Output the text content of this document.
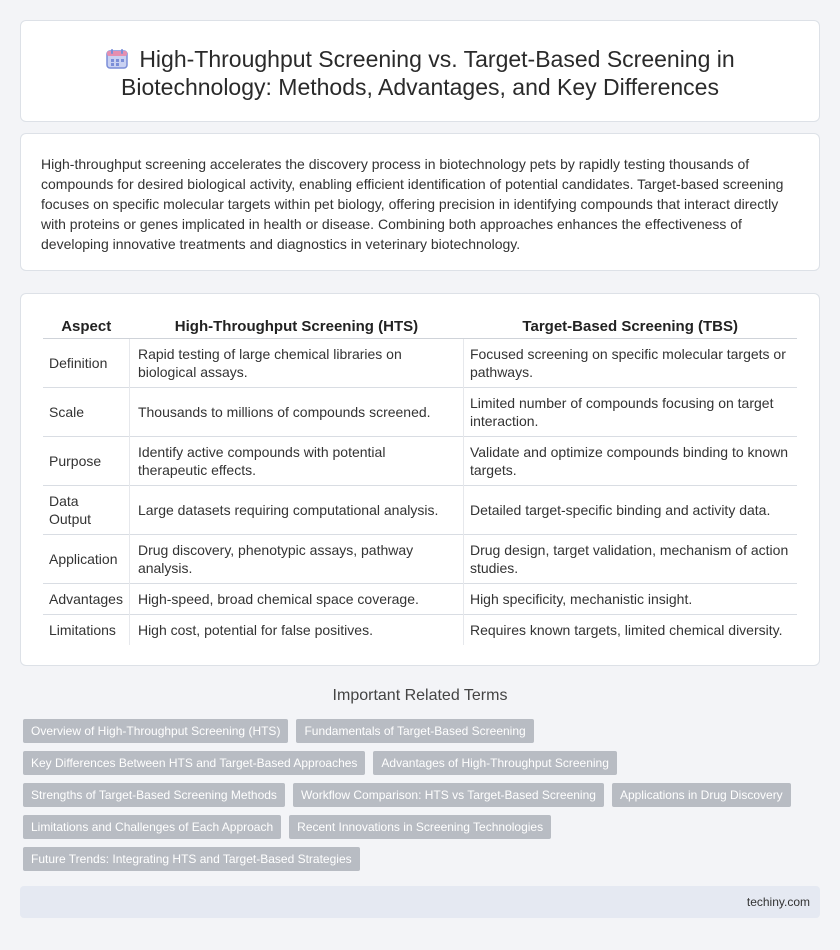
High-Throughput Screening vs. Target-Based Screening in Biotechnology: Methods, Advantages, and Key Differences

High-throughput screening accelerates the discovery process in biotechnology pets by rapidly testing thousands of compounds for desired biological activity, enabling efficient identification of potential candidates. Target-based screening focuses on specific molecular targets within pet biology, offering precision in identifying compounds that interact directly with proteins or genes implicated in health or disease. Combining both approaches enhances the effectiveness of developing innovative treatments and diagnostics in veterinary biotechnology.

Aspect	High-Throughput Screening (HTS)	Target-Based Screening (TBS)
Definition	Rapid testing of large chemical libraries on biological assays.	Focused screening on specific molecular targets or pathways.
Scale	Thousands to millions of compounds screened.	Limited number of compounds focusing on target interaction.
Purpose	Identify active compounds with potential therapeutic effects.	Validate and optimize compounds binding to known targets.
Data Output	Large datasets requiring computational analysis.	Detailed target-specific binding and activity data.
Application	Drug discovery, phenotypic assays, pathway analysis.	Drug design, target validation, mechanism of action studies.
Advantages	High-speed, broad chemical space coverage.	High specificity, mechanistic insight.
Limitations	High cost, potential for false positives.	Requires known targets, limited chemical diversity.
Important Related Terms
Overview of High-Throughput Screening (HTS)	Fundamentals of Target-Based Screening
Key Differences Between HTS and Target-Based Approaches	Advantages of High-Throughput Screening
Strengths of Target-Based Screening Methods	Workflow Comparison: HTS vs Target-Based Screening	Applications in Drug Discovery
Limitations and Challenges of Each Approach	Recent Innovations in Screening Technologies
Future Trends: Integrating HTS and Target-Based Strategies
techiny.com
